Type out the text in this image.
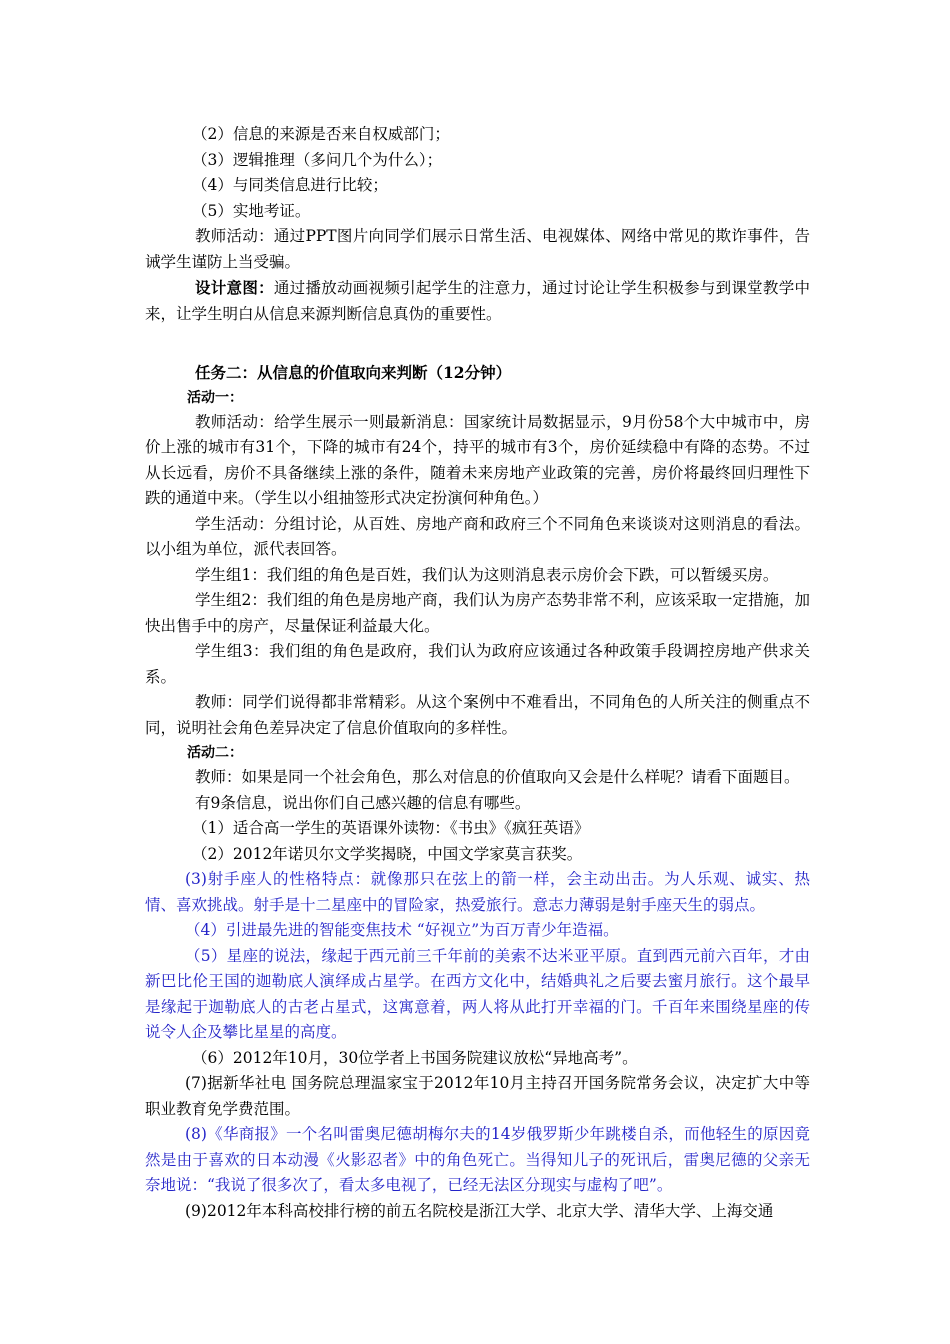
（2）信息的来源是否来自权威部门；

（3）逻辑推理（多问几个为什么）；

（4）与同类信息进行比较；

（5）实地考证。

教师活动：通过PPT图片向同学们展示日常生活、电视媒体、网络中常见的欺诈事件，告诫学生谨防上当受骗。

设计意图：通过播放动画视频引起学生的注意力，通过讨论让学生积极参与到课堂教学中来，让学生明白从信息来源判断信息真伪的重要性。

任务二：从信息的价值取向来判断（12分钟）

活动一：

教师活动：给学生展示一则最新消息：国家统计局数据显示，9月份58个大中城市中，房价上涨的城市有31个，下降的城市有24个，持平的城市有3个，房价延续稳中有降的态势。不过从长远看，房价不具备继续上涨的条件，随着未来房地产业政策的完善，房价将最终回归理性下跌的通道中来。（学生以小组抽签形式决定扮演何种角色。）

学生活动：分组讨论，从百姓、房地产商和政府三个不同角色来谈谈对这则消息的看法。以小组为单位，派代表回答。

学生组1：我们组的角色是百姓，我们认为这则消息表示房价会下跌，可以暂缓买房。

学生组2：我们组的角色是房地产商，我们认为房产态势非常不利，应该采取一定措施，加快出售手中的房产，尽量保证利益最大化。

学生组3：我们组的角色是政府，我们认为政府应该通过各种政策手段调控房地产供求关系。

教师：同学们说得都非常精彩。从这个案例中不难看出，不同角色的人所关注的侧重点不同，说明社会角色差异决定了信息价值取向的多样性。

活动二：

教师：如果是同一个社会角色，那么对信息的价值取向又会是什么样呢？请看下面题目。

有9条信息，说出你们自己感兴趣的信息有哪些。

（1）适合高一学生的英语课外读物：《书虫》《疯狂英语》

（2）2012年诺贝尔文学奖揭晓，中国文学家莫言获奖。

(3)射手座人的性格特点：就像那只在弦上的箭一样，会主动出击。为人乐观、诚实、热情、喜欢挑战。射手是十二星座中的冒险家，热爱旅行。意志力薄弱是射手座天生的弱点。

（4）引进最先进的智能变焦技术 “好视立”为百万青少年造福。

（5）星座的说法，缘起于西元前三千年前的美索不达米亚平原。直到西元前六百年，才由新巴比伦王国的迦勒底人演绎成占星学。在西方文化中，结婚典礼之后要去蜜月旅行。这个最早是缘起于迦勒底人的古老占星式，这寓意着，两人将从此打开幸福的门。千百年来围绕星座的传说令人企及攀比星星的高度。

（6）2012年10月，30位学者上书国务院建议放松“异地高考”。

(7)据新华社电 国务院总理温家宝于2012年10月主持召开国务院常务会议，决定扩大中等职业教育免学费范围。

(8)《华商报》一个名叫雷奥尼德胡梅尔夫的14岁俄罗斯少年跳楼自杀，而他轻生的原因竟然是由于喜欢的日本动漫《火影忍者》中的角色死亡。当得知儿子的死讯后，雷奥尼德的父亲无奈地说：“我说了很多次了，看太多电视了，已经无法区分现实与虚构了吧”。

(9)2012年本科高校排行榜的前五名院校是浙江大学、北京大学、清华大学、上海交通
